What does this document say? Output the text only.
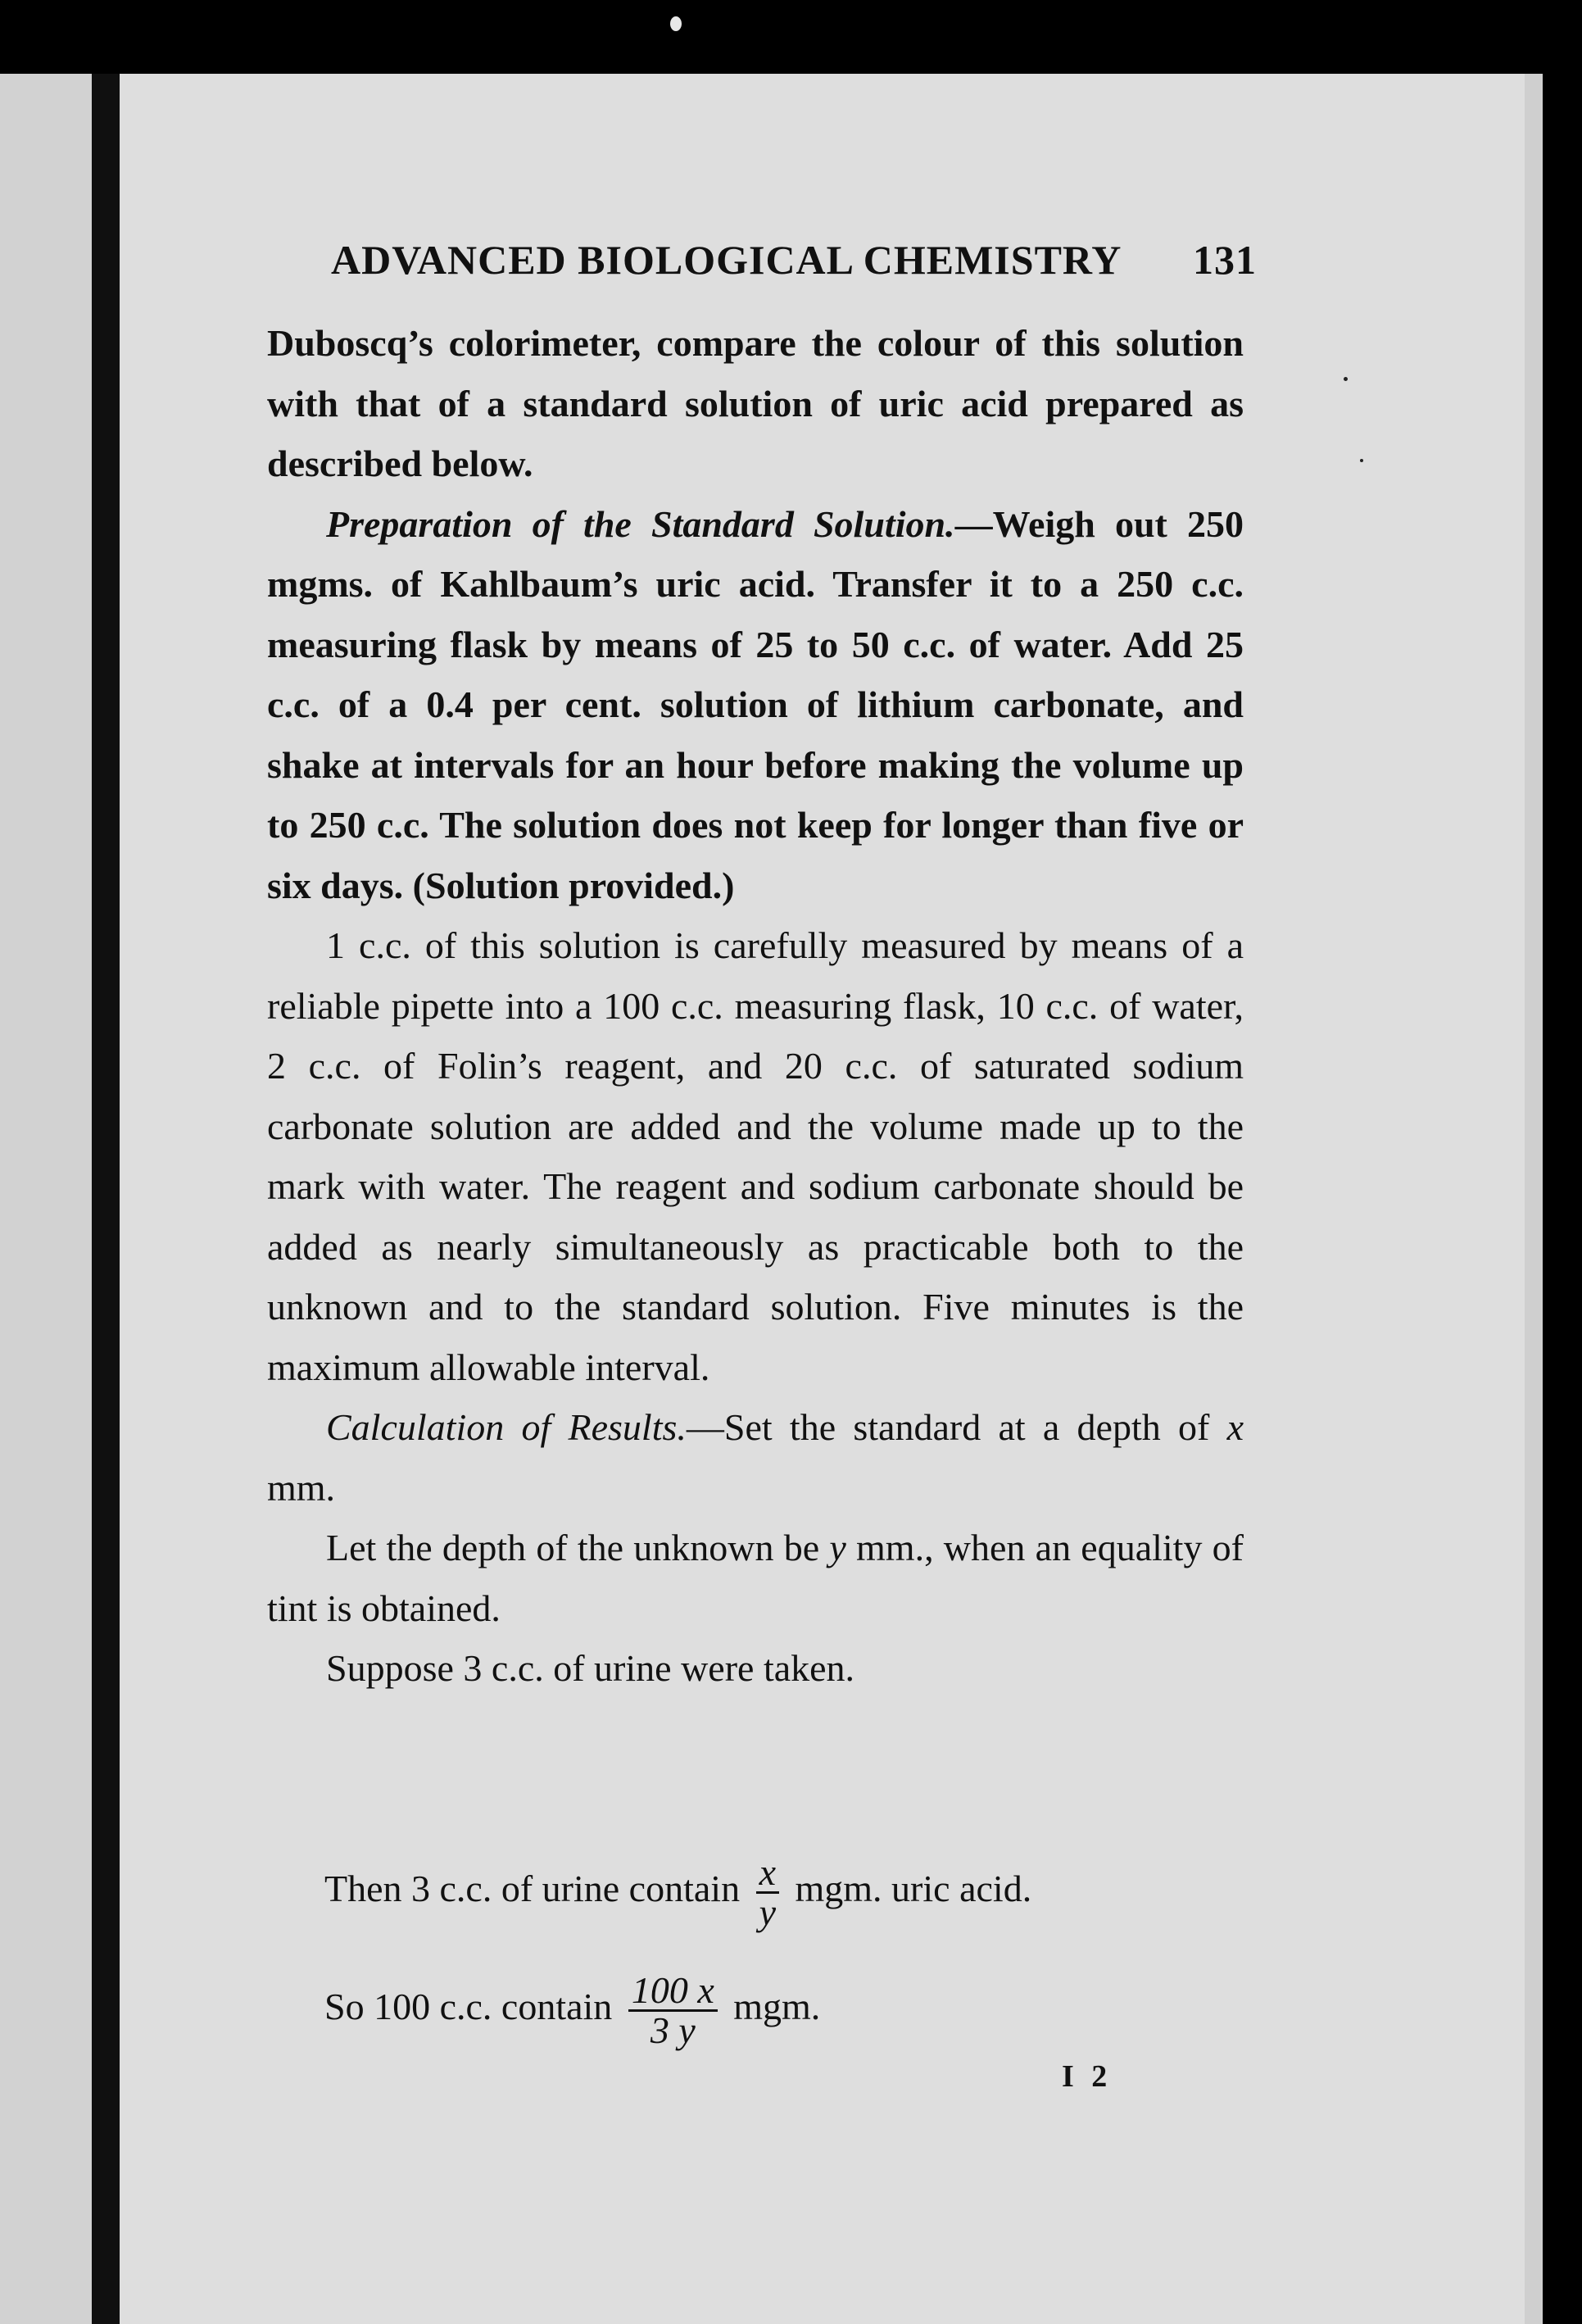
ADVANCED BIOLOGICAL CHEMISTRY 131

Duboscq’s colorimeter, compare the colour of this solution with that of a standard solution of uric acid prepared as described below.

Preparation of the Standard Solution.—Weigh out 250 mgms. of Kahlbaum’s uric acid. Transfer it to a 250 c.c. measuring flask by means of 25 to 50 c.c. of water. Add 25 c.c. of a 0.4 per cent. solution of lithium carbonate, and shake at intervals for an hour before making the volume up to 250 c.c. The solution does not keep for longer than five or six days. (Solution provided.)

1 c.c. of this solution is carefully measured by means of a reliable pipette into a 100 c.c. measuring flask, 10 c.c. of water, 2 c.c. of Folin’s reagent, and 20 c.c. of saturated sodium carbonate solution are added and the volume made up to the mark with water. The reagent and sodium carbonate should be added as nearly simultaneously as practicable both to the unknown and to the standard solution. Five minutes is the maximum allowable interval.

Calculation of Results.—Set the standard at a depth of x mm.

Let the depth of the unknown be y mm., when an equality of tint is obtained.

Suppose 3 c.c. of urine were taken.

Then 3 c.c. of urine contain $\frac{x}{y}$ mgm. uric acid.
So 100 c.c. contain $\frac{100 x}{3 y}$ mgm.
I 2
